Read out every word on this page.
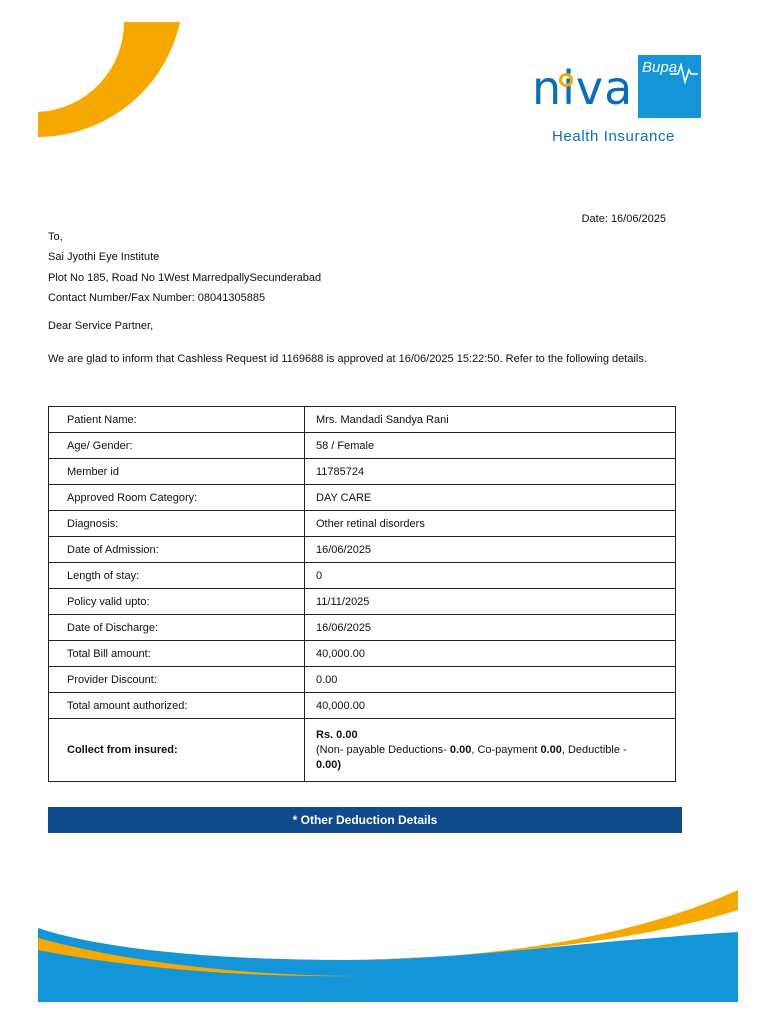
niva Bupa
Health Insurance
Date: 16/06/2025
To,
Sai Jyothi Eye Institute
Plot No 185, Road No 1West MarredpallySecunderabad
Contact Number/Fax Number: 08041305885
Dear Service Partner,
We are glad to inform that Cashless Request id 1169688 is approved at 16/06/2025 15:22:50. Refer to the following details.
Patient Name:	Mrs. Mandadi Sandya Rani
Age/ Gender:	58 / Female
Member id	11785724
Approved Room Category:	DAY CARE
Diagnosis:	Other retinal disorders
Date of Admission:	16/06/2025
Length of stay:	0
Policy valid upto:	11/11/2025
Date of Discharge:	16/06/2025
Total Bill amount:	40,000.00
Provider Discount:	0.00
Total amount authorized:	40,000.00
Collect from insured:	Rs. 0.00
(Non- payable Deductions- 0.00, Co-payment 0.00, Deductible -
0.00)
* Other Deduction Details
